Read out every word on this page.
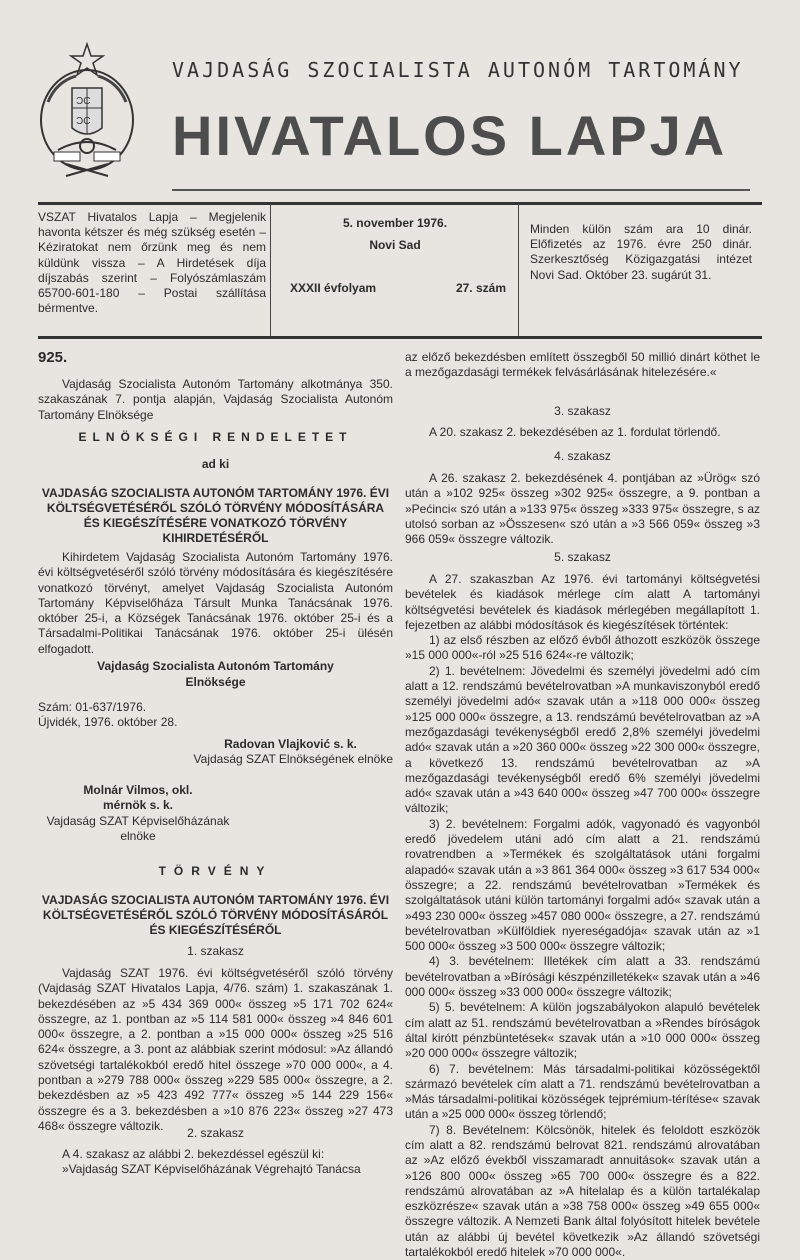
ϽC
ϽC
VAJDASÁG SZOCIALISTA AUTONÓM TARTOMÁNY
HIVATALOS LAPJA
VSZAT Hivatalos Lapja – Megjelenik havonta kétszer és még szükség esetén – Kéziratokat nem őrzünk meg és nem küldünk vissza – A Hirdetések díja díjszabás szerint – Folyószámlaszám 65700-601-180 – Postai szállítása bérmentve.
5. november 1976.
Novi Sad
XXXII évfolyam	27. szám
Minden külön szám ara 10 dinár. Előfizetés az 1976. évre 250 dinár. Szerkesztőség Közigazgatási intézet Novi Sad. Október 23. sugárút 31.
925.

Vajdaság Szocialista Autonóm Tartomány alkotmánya 350. szakaszának 7. pontja alapján, Vajdaság Szocialista Autonóm Tartomány Elnöksége

ELNÖKSÉGI RENDELETET
ad ki
VAJDASÁG SZOCIALISTA AUTONÓM TARTOMÁNY 1976. ÉVI KÖLTSÉGVETÉSÉRŐL SZÓLÓ TÖRVÉNY MÓDOSÍTÁSÁRA ÉS KIEGÉSZÍTÉSÉRE VONATKOZÓ TÖRVÉNY KIHIRDETÉSÉRŐL

Kihirdetem Vajdaság Szocialista Autonóm Tartomány 1976. évi költségvetéséről szóló törvény módosítására és kiegészítésére vonatkozó törvényt, amelyet Vajdaság Szocialista Autonóm Tartomány Képviselőháza Társult Munka Tanácsának 1976. október 25-i, a Községek Tanácsának 1976. október 25-i és a Társadalmi-Politikai Tanácsának 1976. október 25-i ülésén elfogadott.

Vajdaság Szocialista Autonóm Tartomány
Elnöksége
Szám: 01-637/1976.
Újvidék, 1976. október 28.
Radovan Vlajković s. k.
Vajdaság SZAT Elnökségének elnöke
Molnár Vilmos, okl.
mérnök s. k.
Vajdaság SZAT Képviselőházának
elnöke
TÖRVÉNY
VAJDASÁG SZOCIALISTA AUTONÓM TARTOMÁNY 1976. ÉVI KÖLTSÉGVETÉSÉRŐL SZÓLÓ TÖRVÉNY MÓDOSÍTÁSÁRÓL ÉS KIEGÉSZÍTÉSÉRŐL
1. szakasz

Vajdaság SZAT 1976. évi költségvetéséről szóló törvény (Vajdaság SZAT Hivatalos Lapja, 4/76. szám) 1. szakaszának 1. bekezdésében az »5 434 369 000« összeg »5 171 702 624« összegre, az 1. pontban az »5 114 581 000« összeg »4 846 601 000« összegre, a 2. pontban a »15 000 000« összeg »25 516 624« összegre, a 3. pont az alábbiak szerint módosul: »Az állandó szövetségi tartalékokból eredő hitel összege »70 000 000«, a 4. pontban a »279 788 000« összeg »229 585 000« összegre, a 2. bekezdésben az »5 423 492 777« összeg »5 144 229 156« összegre és a 3. bekezdésben a »10 876 223« összeg »27 473 468« összegre változik.

2. szakasz

A 4. szakasz az alábbi 2. bekezdéssel egészül ki:

»Vajdaság SZAT Képviselőházának Végrehajtó Tanácsa

az előző bekezdésben említett összegből 50 millió dinárt köthet le a mezőgazdasági termékek felvásárlásának hitelezésére.«

3. szakasz

A 20. szakasz 2. bekezdésében az 1. fordulat törlendő.

4. szakasz

A 26. szakasz 2. bekezdésének 4. pontjában az »Ürög« szó után a »102 925« összeg »302 925« összegre, a 9. pontban a »Pećinci« szó után a »133 975« összeg »333 975« összegre, s az utolsó sorban az »Összesen« szó után a »3 566 059« összeg »3 966 059« összegre változik.

5. szakasz

A 27. szakaszban Az 1976. évi tartományi költségvetési bevételek és kiadások mérlege cím alatt A tartományi költségvetési bevételek és kiadások mérlegében megállapított 1. fejezetben az alábbi módosítások és kiegészítések történtek:

1) az első részben az előző évből áthozott eszközök összege »15 000 000«-ról »25 516 624«-re változik;

2) 1. bevételnem: Jövedelmi és személyi jövedelmi adó cím alatt a 12. rendszámú bevételrovatban »A munkaviszonyból eredő személyi jövedelmi adó« szavak után a »118 000 000« összeg »125 000 000« összegre, a 13. rendszámú bevételrovatban az »A mezőgazdasági tevékenységből eredő 2,8% személyi jövedelmi adó« szavak után a »20 360 000« összeg »22 300 000« összegre, a következő 13. rendszámú bevételrovatban az »A mezőgazdasági tevékenységből eredő 6% személyi jövedelmi adó« szavak után a »43 640 000« összeg »47 700 000« összegre változik;

3) 2. bevételnem: Forgalmi adók, vagyonadó és vagyonból eredő jövedelem utáni adó cím alatt a 21. rendszámú rovatrendben a »Termékek és szolgáltatások utáni forgalmi alapadó« szavak után a »3 861 364 000« összeg »3 617 534 000« összegre; a 22. rendszámú bevételrovatban »Termékek és szolgáltatások utáni külön tartományi forgalmi adó« szavak után a »493 230 000« összeg »457 080 000« összegre, a 27. rendszámú bevételrovatban »Külföldiek nyereségadója« szavak után az »1 500 000« összeg »3 500 000« összegre változik;

4) 3. bevételnem: Illetékek cím alatt a 33. rendszámú bevételrovatban a »Bírósági készpénzilletékek« szavak után a »46 000 000« összeg »33 000 000« összegre változik;

5) 5. bevételnem: A külön jogszabályokon alapuló bevételek cím alatt az 51. rendszámú bevételrovatban a »Rendes bíróságok által kirótt pénzbüntetések« szavak után a »10 000 000« összeg »20 000 000« összegre változik;

6) 7. bevételnem: Más társadalmi-politikai közösségektől származó bevételek cím alatt a 71. rendszámú bevételrovatban a »Más társadalmi-politikai közösségek tejprémium-térítése« szavak után a »25 000 000« összeg törlendő;

7) 8. Bevételnem: Kölcsönök, hitelek és feloldott eszközök cím alatt a 82. rendszámú belrovat 821. rendszámú alrovatában az »Az előző évekből visszamaradt annuitások« szavak után a »126 800 000« összeg »65 700 000« összegre és a 822. rendszámú alrovatában az »A hitelalap és a külön tartalékalap eszközrésze« szavak után a »38 758 000« összeg »49 655 000« összegre változik. A Nemzeti Bank által folyósított hitelek bevétele után az alábbi új bevétel következik »Az állandó szövetségi tartalékokból eredő hitelek »70 000 000«.
